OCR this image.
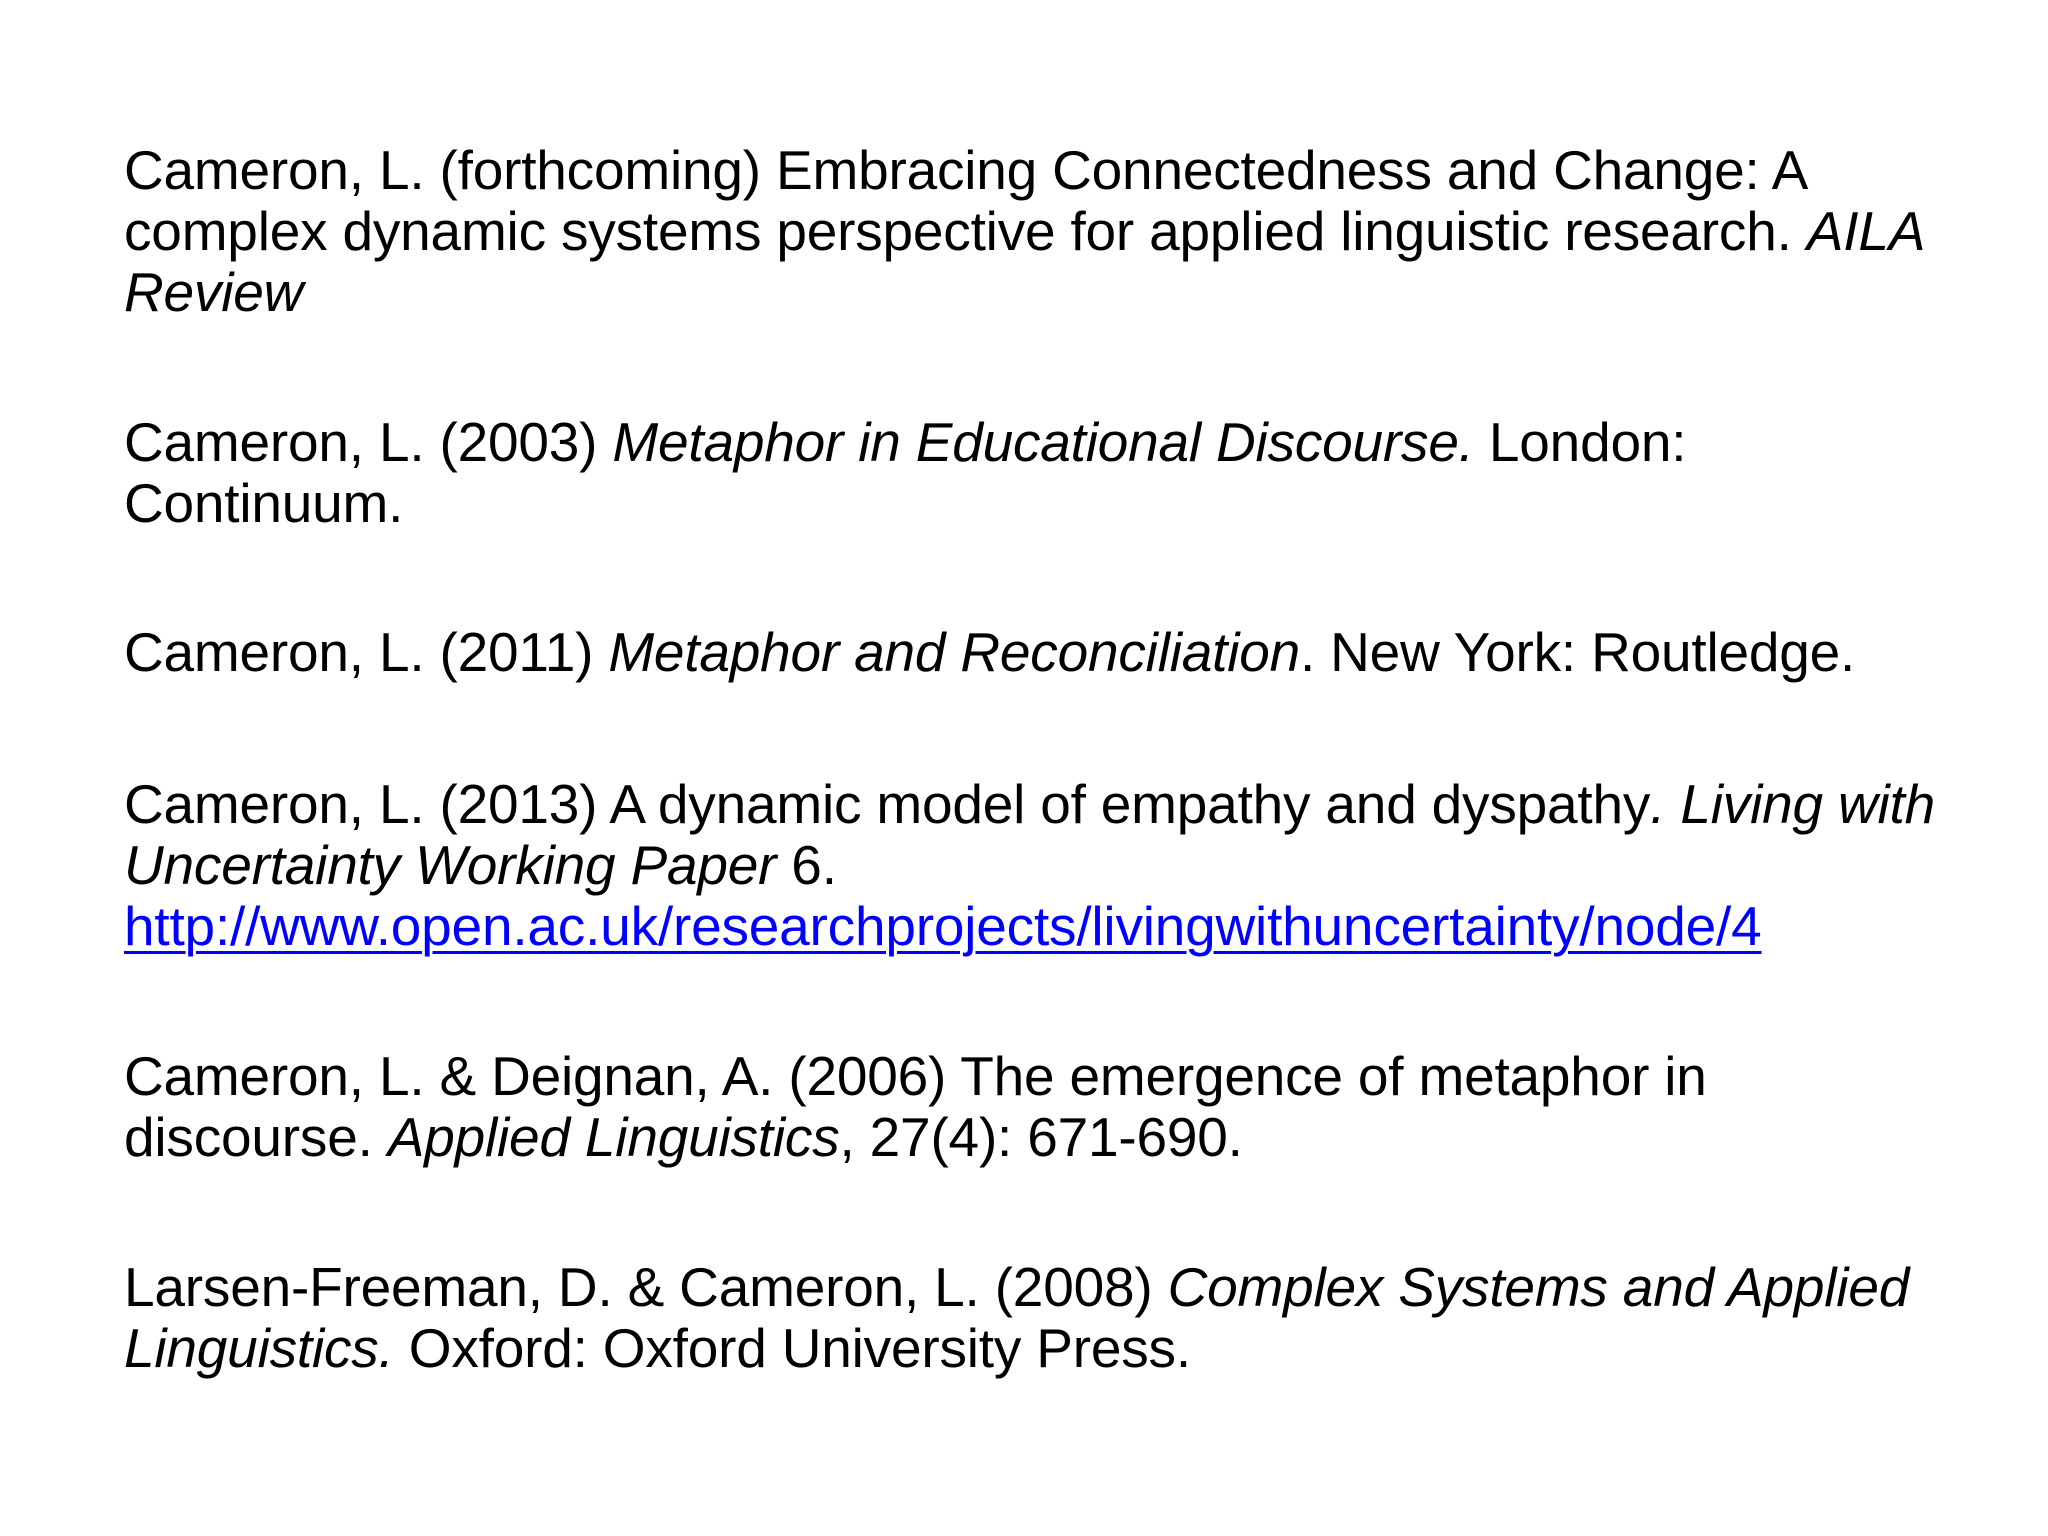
Cameron, L. (forthcoming) Embracing Connectedness and Change: A
complex dynamic systems perspective for applied linguistic research. AILA
Review
Cameron, L. (2003) Metaphor in Educational Discourse. London:
Continuum.
Cameron, L. (2011) Metaphor and Reconciliation. New York: Routledge.
Cameron, L. (2013) A dynamic model of empathy and dyspathy. Living with
Uncertainty Working Paper 6.
http://www.open.ac.uk/researchprojects/livingwithuncertainty/node/4
Cameron, L. & Deignan, A. (2006) The emergence of metaphor in
discourse. Applied Linguistics, 27(4): 671-690.
Larsen-Freeman, D. & Cameron, L. (2008) Complex Systems and Applied
Linguistics. Oxford: Oxford University Press.
